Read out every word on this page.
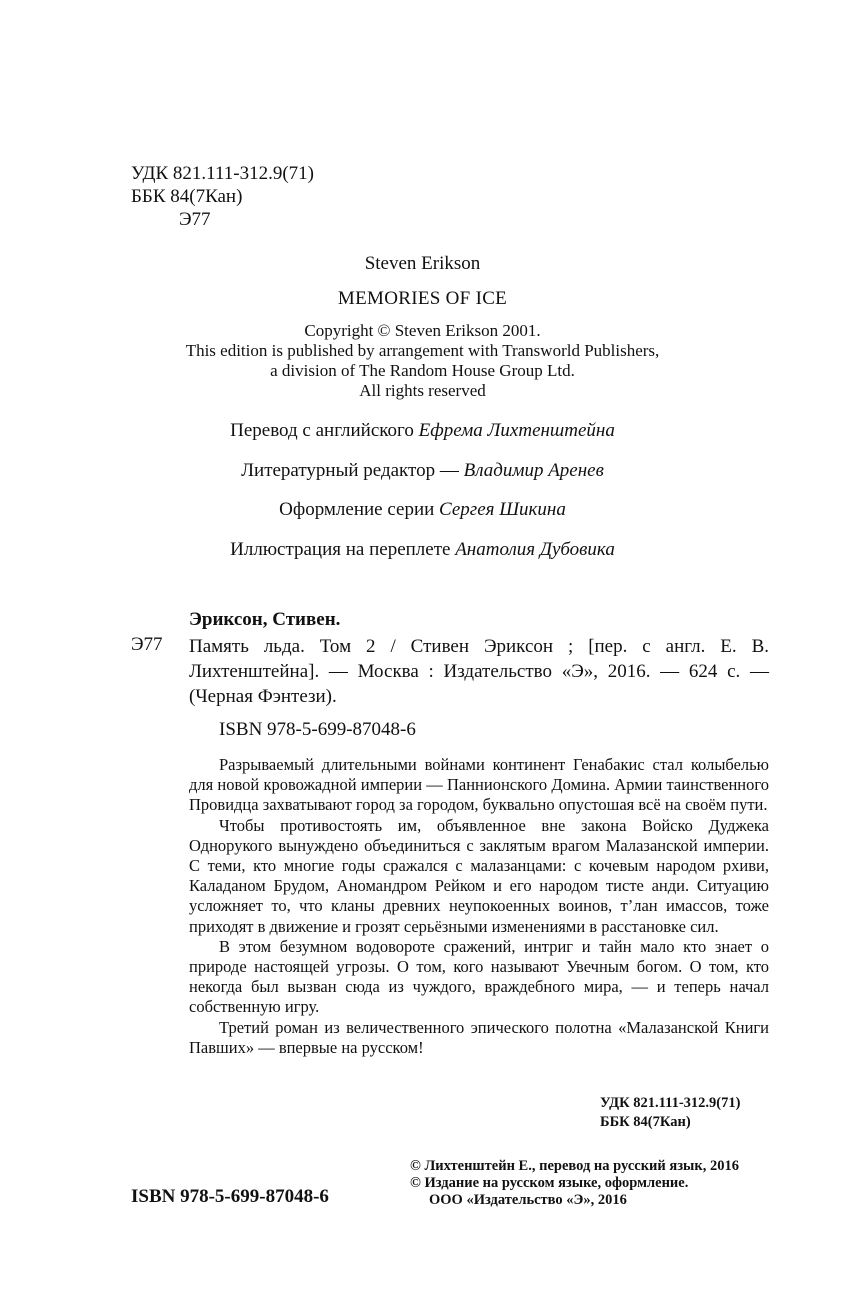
УДК 821.111-312.9(71)
ББК 84(7Кан)
Э77
Steven Erikson
MEMORIES OF ICE
Copyright © Steven Erikson 2001.
This edition is published by arrangement with Transworld Publishers,
a division of The Random House Group Ltd.
All rights reserved
Перевод с английского Ефрема Лихтенштейна
Литературный редактор — Владимир Аренев
Оформление серии Сергея Шикина
Иллюстрация на переплете Анатолия Дубовика
Эриксон, Стивен.
Э77 Память льда. Том 2 / Стивен Эриксон ; [пер. с англ. Е. В. Лихтенштейна]. — Москва : Издательство «Э», 2016. — 624 с. — (Черная Фэнтези).
ISBN 978-5-699-87048-6

Разрываемый длительными войнами континент Генабакис стал колыбелью для новой кровожадной империи — Паннионского Домина. Армии таинственного Провидца захватывают город за городом, буквально опустошая всё на своём пути.

Чтобы противостоять им, объявленное вне закона Войско Дуджека Однорукого вынуждено объединиться с заклятым врагом Малазанской империи. С теми, кто многие годы сражался с малазанцами: с кочевым народом рхиви, Каладаном Брудом, Аномандром Рейком и его народом тисте анди. Ситуацию усложняет то, что кланы древних неупокоенных воинов, т’лан имассов, тоже приходят в движение и грозят серьёзными изменениями в расстановке сил.

В этом безумном водовороте сражений, интриг и тайн мало кто знает о природе настоящей угрозы. О том, кого называют Увечным богом. О том, кто некогда был вызван сюда из чуждого, враждебного мира, — и теперь начал собственную игру.

Третий роман из величественного эпического полотна «Малазанской Книги Павших» — впервые на русском!

УДК 821.111-312.9(71)
ББК 84(7Кан)
© Лихтенштейн Е., перевод на русский язык, 2016
© Издание на русском языке, оформление.
ООО «Издательство «Э», 2016
ISBN 978-5-699-87048-6
